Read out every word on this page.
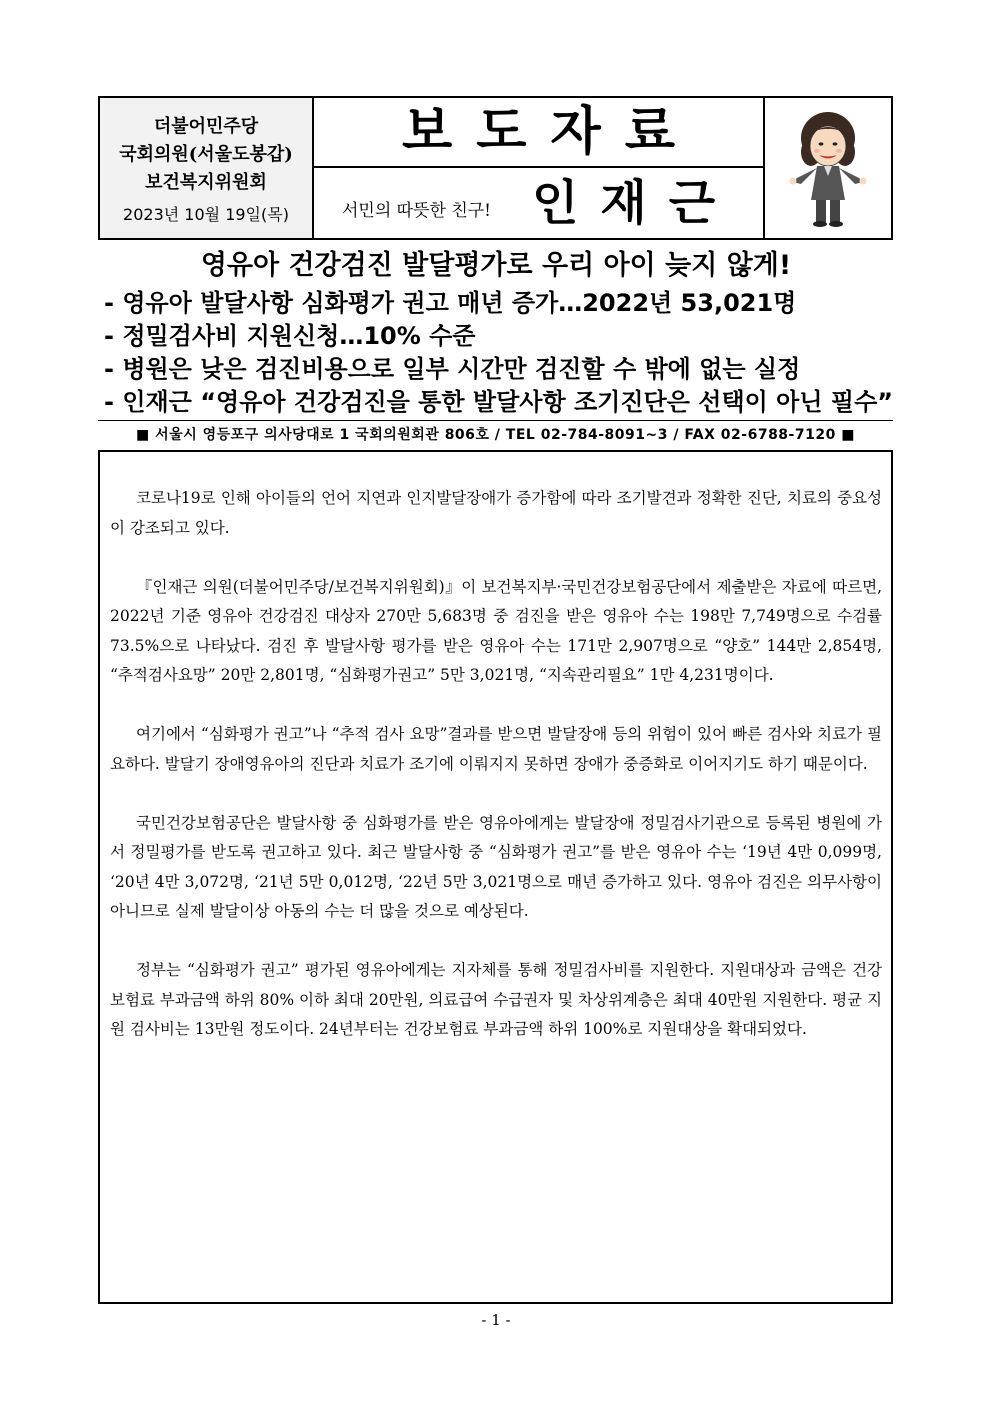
더불어민주당
국회의원(서울도봉갑)
보건복지위원회
2023년 10월 19일(목)
보도자료
서민의 따뜻한 친구! 인재근
영유아 건강검진 발달평가로 우리 아이 늦지 않게!
- 영유아 발달사항 심화평가 권고 매년 증가…2022년 53,021명
- 정밀검사비 지원신청…10% 수준
- 병원은 낮은 검진비용으로 일부 시간만 검진할 수 밖에 없는 실정
- 인재근 “영유아 건강검진을 통한 발달사항 조기진단은 선택이 아닌 필수”
■ 서울시 영등포구 의사당대로 1 국회의원회관 806호 / TEL 02-784-8091~3 / FAX 02-6788-7120 ■

코로나19로 인해 아이들의 언어 지연과 인지발달장애가 증가함에 따라 조기발견과 정확한 진단, 치료의 중요성이 강조되고 있다.

『인재근 의원(더불어민주당/보건복지위원회)』이 보건복지부·국민건강보험공단에서 제출받은 자료에 따르면, 2022년 기준 영유아 건강검진 대상자 270만 5,683명 중 검진을 받은 영유아 수는 198만 7,749명으로 수검률 73.5%으로 나타났다. 검진 후 발달사항 평가를 받은 영유아 수는 171만 2,907명으로 “양호” 144만 2,854명, “추적검사요망” 20만 2,801명, “심화평가권고” 5만 3,021명, “지속관리필요” 1만 4,231명이다.

여기에서 “심화평가 권고”나 “추적 검사 요망”결과를 받으면 발달장애 등의 위험이 있어 빠른 검사와 치료가 필요하다. 발달기 장애영유아의 진단과 치료가 조기에 이뤄지지 못하면 장애가 중증화로 이어지기도 하기 때문이다.

국민건강보험공단은 발달사항 중 심화평가를 받은 영유아에게는 발달장애 정밀검사기관으로 등록된 병원에 가서 정밀평가를 받도록 권고하고 있다. 최근 발달사항 중 “심화평가 권고”를 받은 영유아 수는 ‘19년 4만 0,099명, ‘20년 4만 3,072명, ‘21년 5만 0,012명, ‘22년 5만 3,021명으로 매년 증가하고 있다. 영유아 검진은 의무사항이 아니므로 실제 발달이상 아동의 수는 더 많을 것으로 예상된다.

정부는 “심화평가 권고” 평가된 영유아에게는 지자체를 통해 정밀검사비를 지원한다. 지원대상과 금액은 건강보험료 부과금액 하위 80% 이하 최대 20만원, 의료급여 수급권자 및 차상위계층은 최대 40만원 지원한다. 평균 지원 검사비는 13만원 정도이다. 24년부터는 건강보험료 부과금액 하위 100%로 지원대상을 확대되었다.

- 1 -
